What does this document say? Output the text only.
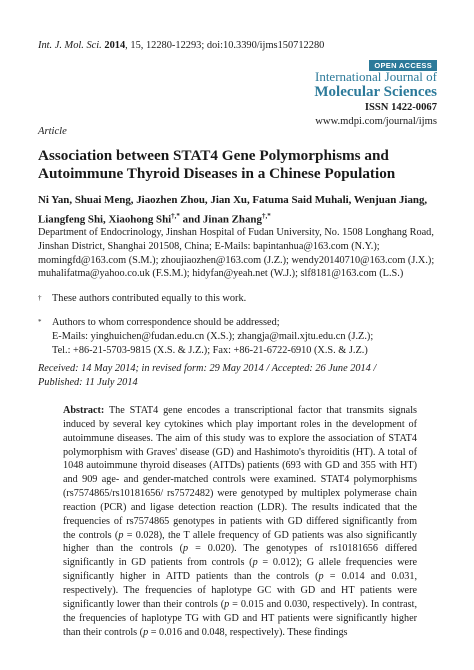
Int. J. Mol. Sci. 2014, 15, 12280-12293; doi:10.3390/ijms150712280
OPEN ACCESS
International Journal of
Molecular Sciences
ISSN 1422-0067
www.mdpi.com/journal/ijms
Article
Association between STAT4 Gene Polymorphisms and
Autoimmune Thyroid Diseases in a Chinese Population
Ni Yan, Shuai Meng, Jiaozhen Zhou, Jian Xu, Fatuma Said Muhali, Wenjuan Jiang,
Liangfeng Shi, Xiaohong Shi†,* and Jinan Zhang†,*
Department of Endocrinology, Jinshan Hospital of Fudan University, No. 1508 Longhang Road,
Jinshan District, Shanghai 201508, China; E-Mails: bapintanhua@163.com (N.Y.);
momingfd@163.com (S.M.); zhoujiaozhen@163.com (J.Z.); wendy20140710@163.com (J.X.);
muhalifatma@yahoo.co.uk (F.S.M.); hidyfan@yeah.net (W.J.); slf8181@163.com (L.S.)
† These authors contributed equally to this work.
* Authors to whom correspondence should be addressed;
E-Mails: yinghuichen@fudan.edu.cn (X.S.); zhangja@mail.xjtu.edu.cn (J.Z.);
Tel.: +86-21-5703-9815 (X.S. & J.Z.); Fax: +86-21-6722-6910 (X.S. & J.Z.)
Received: 14 May 2014; in revised form: 29 May 2014 / Accepted: 26 June 2014 /
Published: 11 July 2014
Abstract: The STAT4 gene encodes a transcriptional factor that transmits signals induced by several key cytokines which play important roles in the development of autoimmune diseases. The aim of this study was to explore the association of STAT4 polymorphism with Graves' disease (GD) and Hashimoto's thyroiditis (HT). A total of 1048 autoimmune thyroid diseases (AITDs) patients (693 with GD and 355 with HT) and 909 age- and gender-matched controls were examined. STAT4 polymorphisms (rs7574865/rs10181656/ rs7572482) were genotyped by multiplex polymerase chain reaction (PCR) and ligase detection reaction (LDR). The results indicated that the frequencies of rs7574865 genotypes in patients with GD differed significantly from the controls (p = 0.028), the T allele frequency of GD patients was also significantly higher than the controls (p = 0.020). The genotypes of rs10181656 differed significantly in GD patients from controls (p = 0.012); G allele frequencies were significantly higher in AITD patients than the controls (p = 0.014 and 0.031, respectively). The frequencies of haplotype GC with GD and HT patients were significantly lower than their controls (p = 0.015 and 0.030, respectively). In contrast, the frequencies of haplotype TG with GD and HT patients were significantly higher than their controls (p = 0.016 and 0.048, respectively). These findings
